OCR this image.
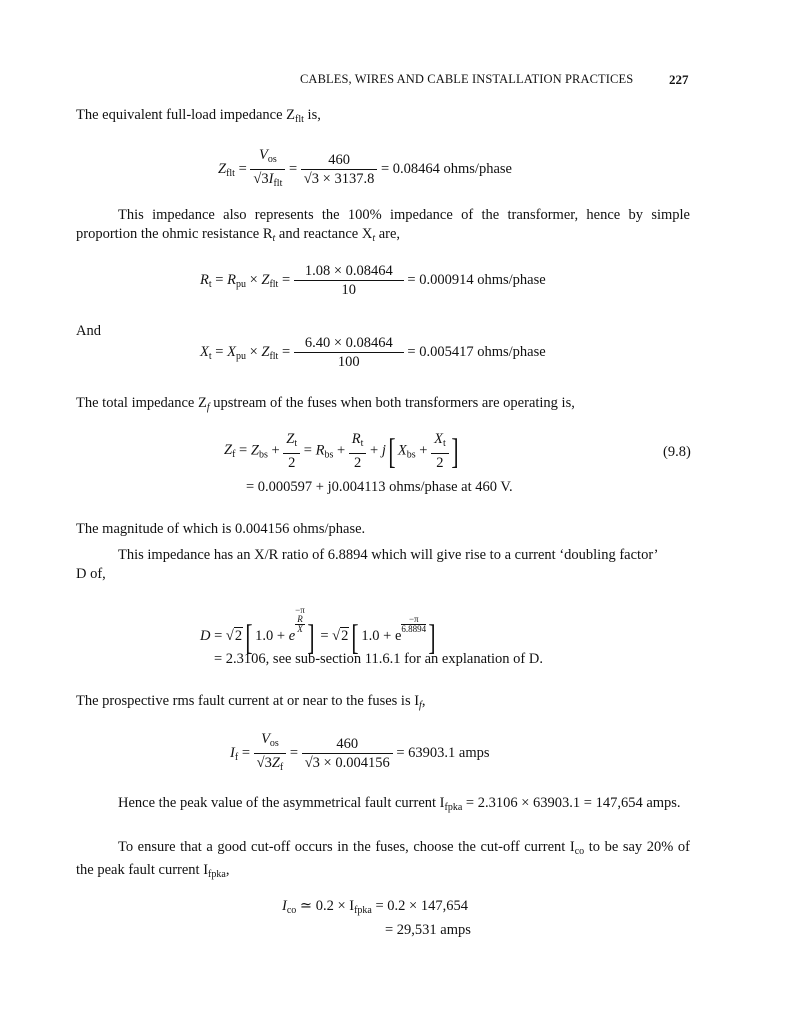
CABLES, WIRES AND CABLE INSTALLATION PRACTICES	227
The equivalent full-load impedance $Z_{flt}$ is,
$Z_{flt} = \frac{V_{os}}{√3I_{flt}} = \frac{460}{√3 \times 3137.8} = 0.08464$ ohms/phase
This impedance also represents the 100% impedance of the transformer, hence by simple proportion the ohmic resistance $R_t$ and reactance $X_t$ are,
$R_t = R_{pu} \times Z_{flt} = \frac{1.08 \times 0.08464}{10} = 0.000914$ ohms/phase
And
$X_t = X_{pu} \times Z_{flt} = \frac{6.40 \times 0.08464}{100} = 0.005417$ ohms/phase
The total impedance $Z_f$ upstream of the fuses when both transformers are operating is,
$Z_f = Z_{bs} + \frac{Z_t}{2} = R_{bs} + \frac{R_t}{2} + j$[ $X_{bs} + \frac{X_t}{2}$ ]	(9.8)
= 0.000597 + j0.004113 ohms/phase at 460 V.
The magnitude of which is 0.004156 ohms/phase.
This impedance has an X/R ratio of 6.8894 which will give rise to a current ‘doubling factor’
D of,
D = √2[ 1.0 + e
−π
R
X ] = √2[ 1.0 + e
$\frac{-\pi}{6.8894}$ ]
= 2.3106, see sub-section 11.6.1 for an explanation of D.
The prospective rms fault current at or near to the fuses is $I_f$,
$I_f = \frac{V_{os}}{√3Z_f} = \frac{460}{√3 \times 0.004156} = 63903.1$ amps
Hence the peak value of the asymmetrical fault current $I_{fpka} = 2.3106 \times 63903.1 = 147,654$ amps.
To ensure that a good cut-off occurs in the fuses, choose the cut-off current $I_{co}$ to be say 20% of the peak fault current $I_{fpka}$,
$I_{co}$ ≃ $0.2 \times I_{fpka} = 0.2 \times 147,654$
= 29,531 amps
